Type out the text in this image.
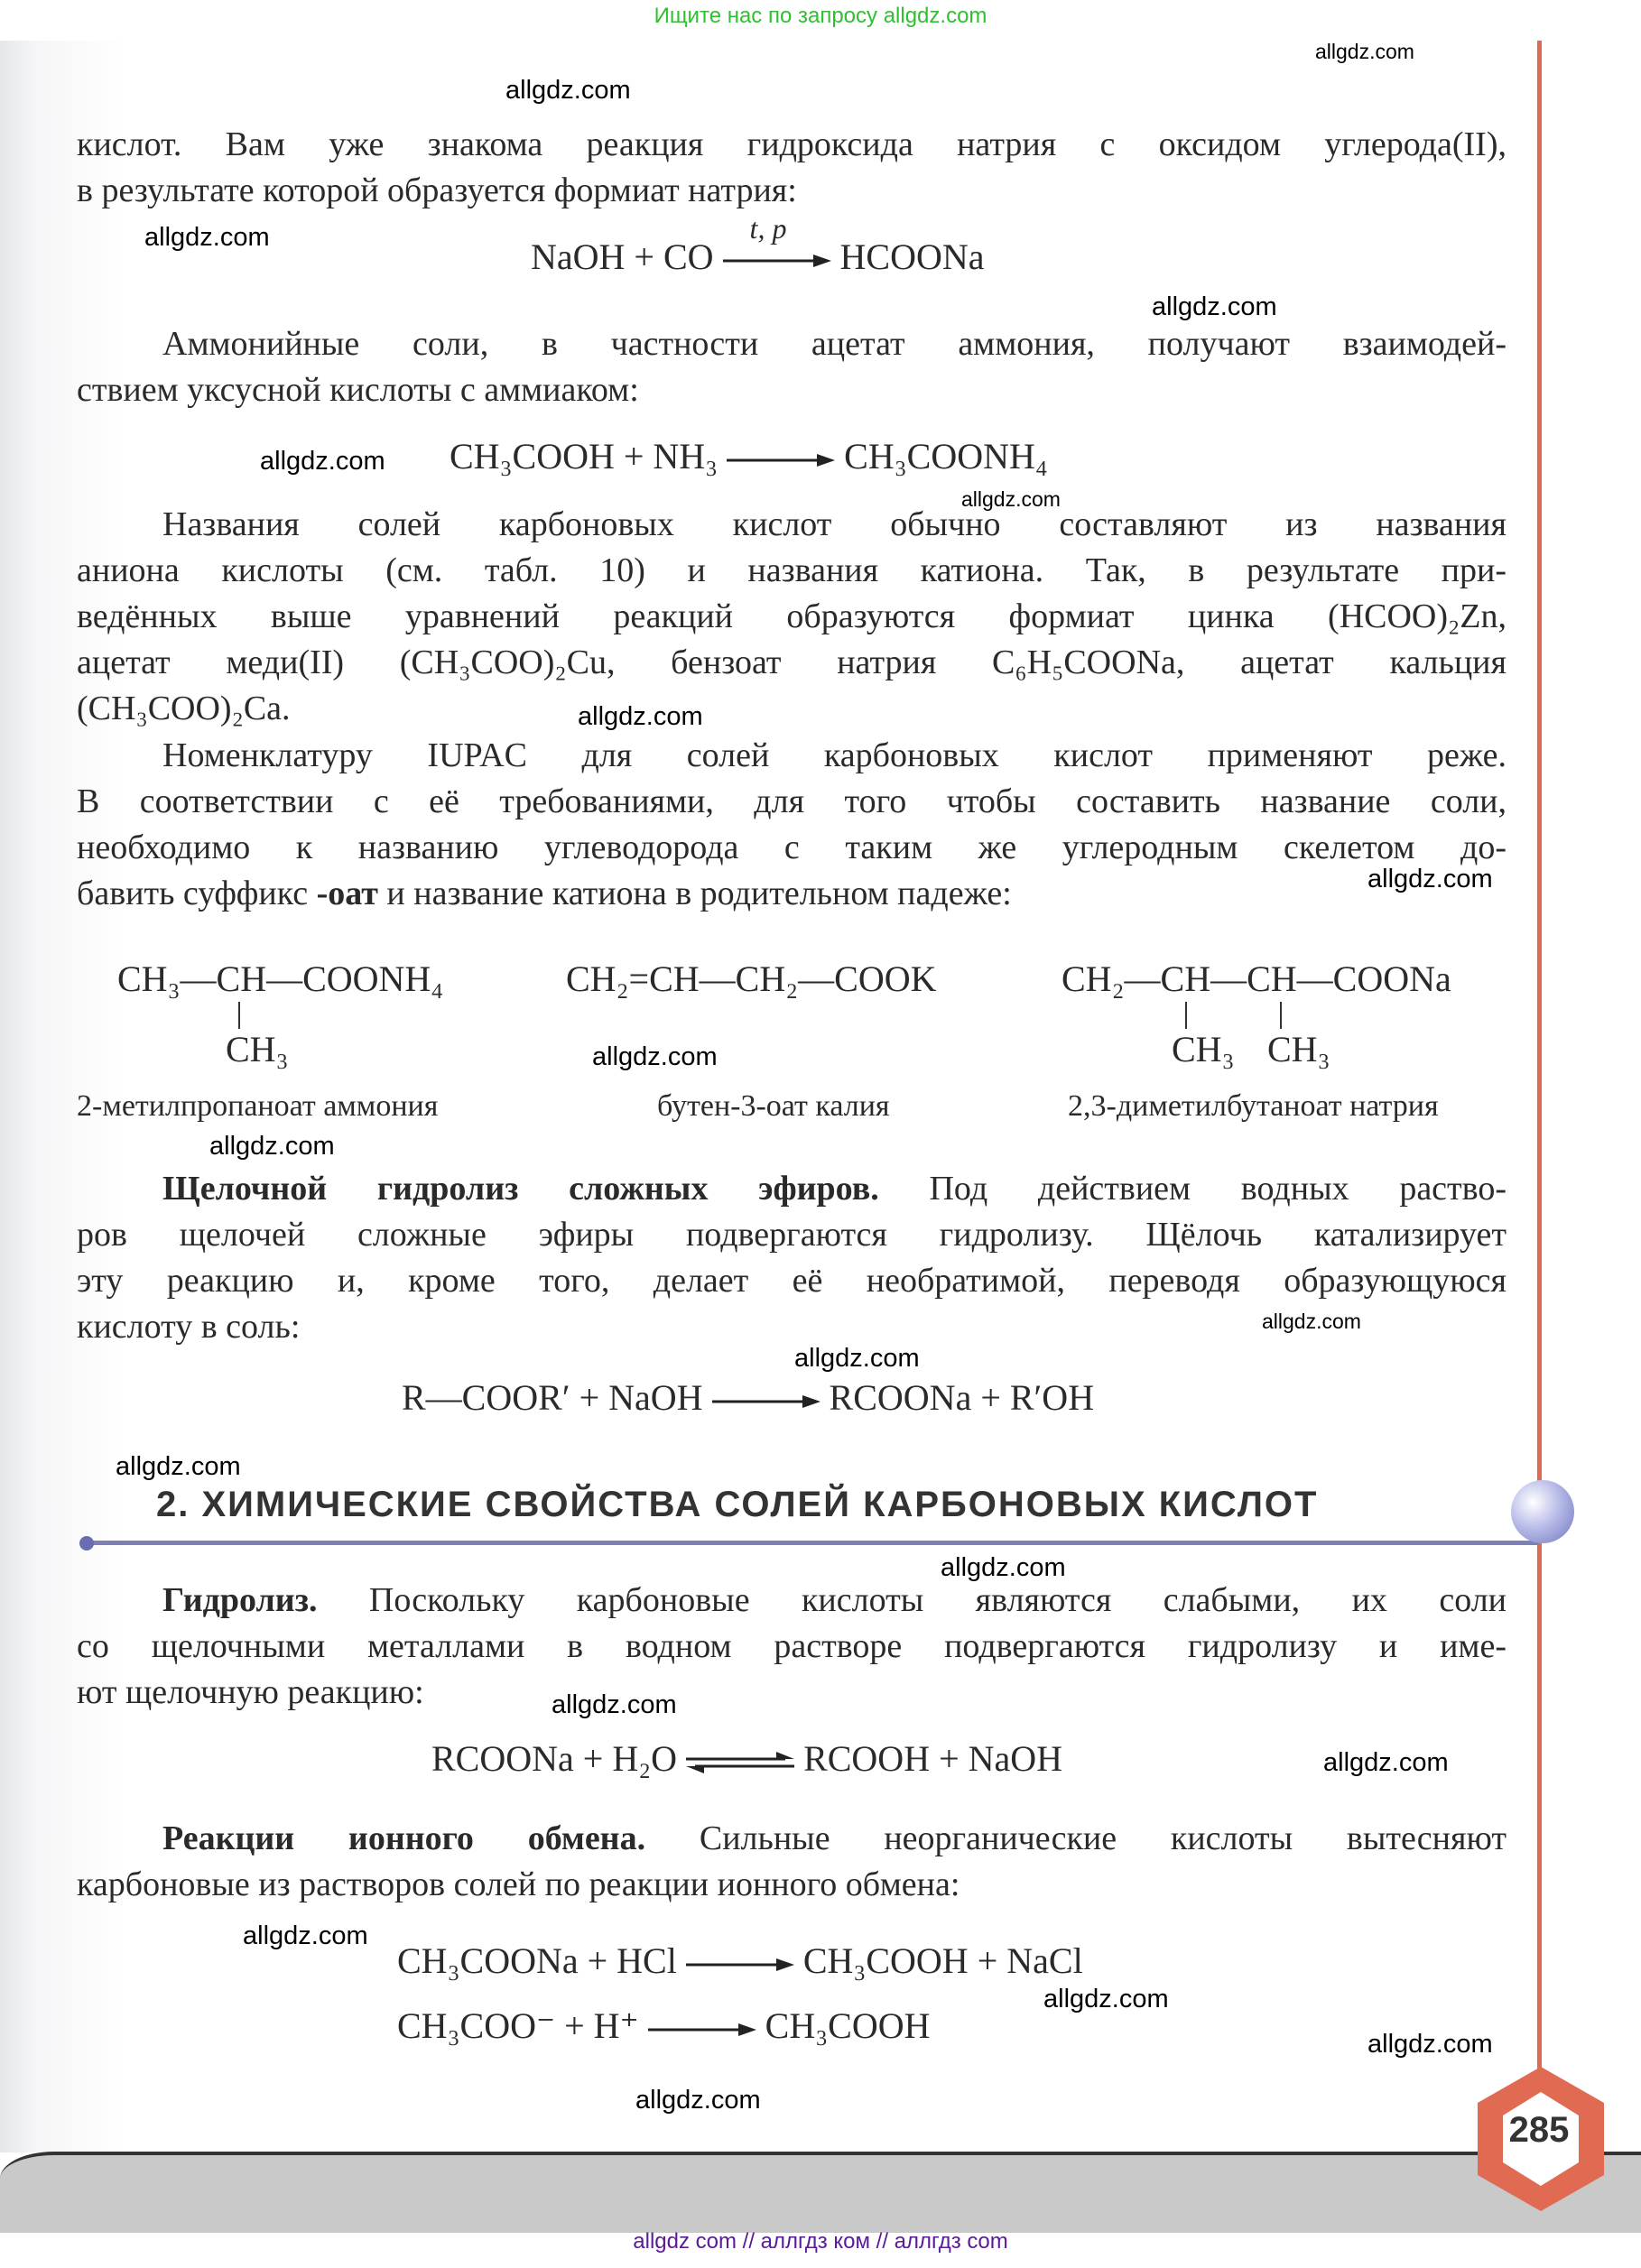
Ищите нас по запросу allgdz.com
кислот. Вам уже знакома реакция гидроксида натрия с оксидом углерода(II),
в результате которой образуется формиат натрия:
NaOH + CO
t, p
HCOONa
Аммонийные соли, в частности ацетат аммония, получают взаимодей-
ствием уксусной кислоты с аммиаком:
CH₃COOH + NH₃	CH₃COONH₄
Названия солей карбоновых кислот обычно составляют из названия
аниона кислоты (см. табл. 10) и названия катиона. Так, в результате при-
ведённых выше уравнений реакций образуются формиат цинка (HCOO)₂Zn,
ацетат меди(II) (CH₃COO)₂Cu, бензоат натрия C₆H₅COONa, ацетат кальция
(CH₃COO)₂Ca.
Номенклатуру IUPAC для солей карбоновых кислот применяют реже.
В соответствии с её требованиями, для того чтобы составить название соли,
необходимо к названию углеводорода с таким же углеродным скелетом до-
бавить суффикс -оат и название катиона в родительном падеже:
CH₃—CH—COONH₄
CH₃
2-метилпропаноат аммония
CH₂=CH—CH₂—COOK
бутен-3-оат калия
CH₂—CH—CH—COONa
CH₃ CH₃
2,3-диметилбутаноат натрия
Щелочной гидролиз сложных эфиров. Под действием водных раство-
ров щелочей сложные эфиры подвергаются гидролизу. Щёлочь катализирует
эту реакцию и, кроме того, делает её необратимой, переводя образующуюся
кислоту в соль:
R—COOR′ + NaOH	RCOONa + R′OH
2. ХИМИЧЕСКИЕ СВОЙСТВА СОЛЕЙ КАРБОНОВЫХ КИСЛОТ
Гидролиз. Поскольку карбоновые кислоты являются слабыми, их соли
со щелочными металлами в водном растворе подвергаются гидролизу и име-
ют щелочную реакцию:
RCOONa + H₂O ⇌ RCOOH + NaOH
Реакции ионного обмена. Сильные неорганические кислоты вытесняют
карбоновые из растворов солей по реакции ионного обмена:
CH₃COONa + HCl	CH₃COOH + NaCl
CH₃COO⁻ + H⁺	CH₃COOH
285
allgdz.com
allgdz.com
allgdz.com
allgdz.com
allgdz.com
allgdz.com
allgdz.com
allgdz.com
allgdz.com
allgdz.com
allgdz.com
allgdz.com
allgdz.com
allgdz.com
allgdz.com
allgdz.com
allgdz.com
allgdz.com
allgdz.com
allgdz.com
allgdz com // аллгдз ком // аллгдз com
